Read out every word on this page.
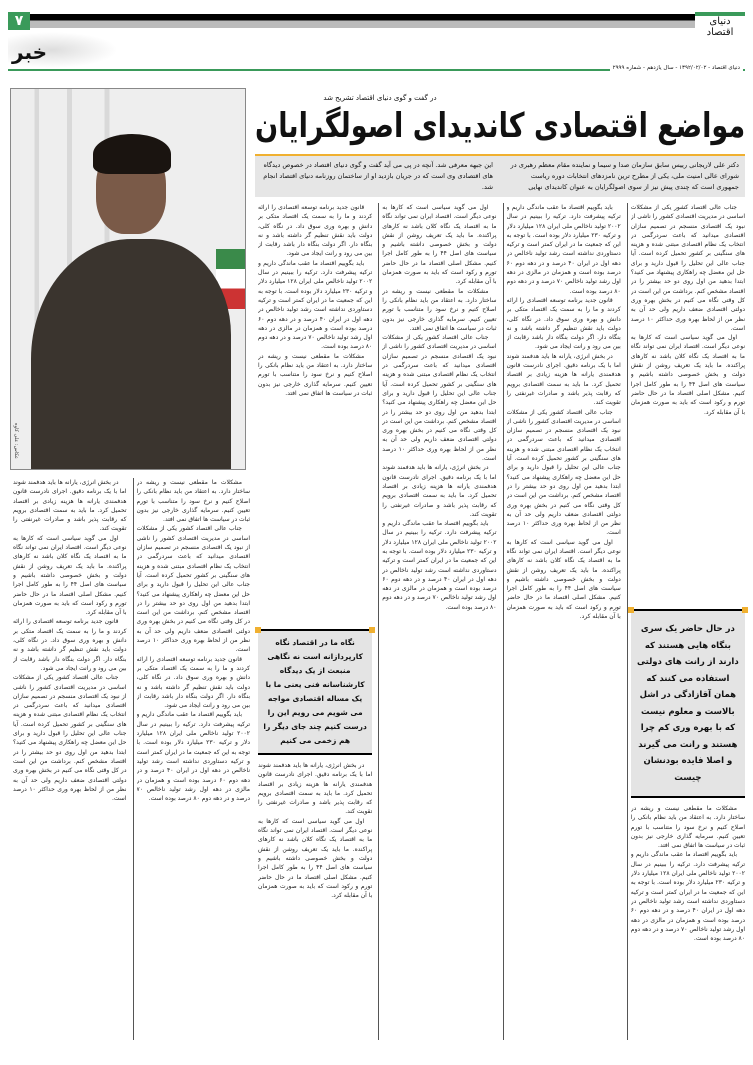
۷	دنیای اقتصاد
خبر
دنیای اقتصاد - ۱۳۹۲/۰۲/۰۲ - سال یازدهم - شماره ۲۹۹۹
عکاس: علی کاوه
در گفت و گوی دنیای اقتصاد تشریح شد
مواضع اقتصادی کاندیدای اصولگرایان
دکتر علی لاریجانی رییس سابق سازمان صدا و سیما و نماینده مقام معظم رهبری در شورای عالی امنیت ملی، یکی از مطرح ترین نامزدهای انتخابات دوره ریاست جمهوری است که چندی پیش نیز از سوی اصولگرایان به عنوان کاندیدای نهایی
این جبهه معرفی شد. آنچه در پی می آید گفت و گوی دنیای اقتصاد در خصوص دیدگاه های اقتصادی وی است که در جریان بازدید او از ساختمان روزنامه دنیای اقتصاد انجام شد.

جناب عالی اقتصاد کشور یکی از مشکلات اساسی در مدیریت اقتصادی کشور را ناشی از نبود یک اقتصادی منسجم در تصمیم سازان اقتصادی میدانید که باعث سردرگمی در انتخاب یک نظام اقتصادی مبتنی شده و هزینه های سنگینی بر کشور تحمیل کرده است. آیا جناب عالی این تحلیل را قبول دارید و برای حل این معضل چه راهکاری پیشنهاد می کنید؟ ابتدا بدهید من اول روی دو حد بیشتر را در اقتصاد مشخص کنم. برداشت من این است در کل وقتی نگاه می کنیم در بخش بهره وری دولتی اقتصادی ضعف داریم ولی حد آن به نظر من از لحاظ بهره وری حداکثر ۱۰ درصد است.

اول می گوید سیاسی است که کارها به نوعی دیگر است. اقتصاد ایران نمی تواند نگاه ما به اقتصاد یک نگاه کلان باشد نه کارهای پراکنده. ما باید یک تعریف روشن از نقش دولت و بخش خصوصی داشته باشیم و سیاست های اصل ۴۴ را به طور کامل اجرا کنیم. مشکل اصلی اقتصاد ما در حال حاضر تورم و رکود است که باید به صورت همزمان با آن مقابله کرد.

در حال حاضر یک سری بنگاه هایی هستند که دارند از رانت های دولتی استفاده می کنند که همان آقازادگی در اشل بالاست و معلوم نیست که با بهره وری کم چرا هستند و رانت می گیرند و اصلا فایده بودنشان چیست

مشکلات ما مقطعی نیست و ریشه در ساختار دارد. به اعتقاد من باید نظام بانکی را اصلاح کنیم و نرخ سود را متناسب با تورم تعیین کنیم. سرمایه گذاری خارجی نیز بدون ثبات در سیاست ها اتفاق نمی افتد.

باید بگوییم اقتصاد ما عقب ماندگی داریم و ترکیه پیشرفت دارد. ترکیه را ببینیم در سال ۲۰۰۲ تولید ناخالص ملی ایران ۱۲۸ میلیارد دلار و ترکیه ۲۳۰ میلیارد دلار بوده است. با توجه به این که جمعیت ما در ایران کمتر است و ترکیه دستاوردی نداشته است رشد تولید ناخالص در دهه اول در ایران ۴۰ درصد و در دهه دوم ۶۰ درصد بوده است و همزمان در مالزی در دهه اول رشد تولید ناخالص ۷۰ درصد و در دهه دوم ۸۰ درصد بوده است.

باید بگوییم اقتصاد ما عقب ماندگی داریم و ترکیه پیشرفت دارد. ترکیه را ببینیم در سال ۲۰۰۲ تولید ناخالص ملی ایران ۱۲۸ میلیارد دلار و ترکیه ۲۳۰ میلیارد دلار بوده است. با توجه به این که جمعیت ما در ایران کمتر است و ترکیه دستاوردی نداشته است رشد تولید ناخالص در دهه اول در ایران ۴۰ درصد و در دهه دوم ۶۰ درصد بوده است و همزمان در مالزی در دهه اول رشد تولید ناخالص ۷۰ درصد و در دهه دوم ۸۰ درصد بوده است.

قانون جدید برنامه توسعه اقتصادی را ارائه کردند و ما را به سمت یک اقتصاد متکی بر دانش و بهره وری سوق داد. در نگاه کلی، دولت باید نقش تنظیم گر داشته باشد و نه بنگاه دار. اگر دولت بنگاه دار باشد رقابت از بین می رود و رانت ایجاد می شود.

در بخش انرژی، یارانه ها باید هدفمند شوند اما با یک برنامه دقیق. اجرای نادرست قانون هدفمندی یارانه ها هزینه زیادی بر اقتصاد تحمیل کرد. ما باید به سمت اقتصادی برویم که رقابت پذیر باشد و صادرات غیرنفتی را تقویت کند.

جناب عالی اقتصاد کشور یکی از مشکلات اساسی در مدیریت اقتصادی کشور را ناشی از نبود یک اقتصادی منسجم در تصمیم سازان اقتصادی میدانید که باعث سردرگمی در انتخاب یک نظام اقتصادی مبتنی شده و هزینه های سنگینی بر کشور تحمیل کرده است. آیا جناب عالی این تحلیل را قبول دارید و برای حل این معضل چه راهکاری پیشنهاد می کنید؟ ابتدا بدهید من اول روی دو حد بیشتر را در اقتصاد مشخص کنم. برداشت من این است در کل وقتی نگاه می کنیم در بخش بهره وری دولتی اقتصادی ضعف داریم ولی حد آن به نظر من از لحاظ بهره وری حداکثر ۱۰ درصد است.

اول می گوید سیاسی است که کارها به نوعی دیگر است. اقتصاد ایران نمی تواند نگاه ما به اقتصاد یک نگاه کلان باشد نه کارهای پراکنده. ما باید یک تعریف روشن از نقش دولت و بخش خصوصی داشته باشیم و سیاست های اصل ۴۴ را به طور کامل اجرا کنیم. مشکل اصلی اقتصاد ما در حال حاضر تورم و رکود است که باید به صورت همزمان با آن مقابله کرد.

اول می گوید سیاسی است که کارها به نوعی دیگر است. اقتصاد ایران نمی تواند نگاه ما به اقتصاد یک نگاه کلان باشد نه کارهای پراکنده. ما باید یک تعریف روشن از نقش دولت و بخش خصوصی داشته باشیم و سیاست های اصل ۴۴ را به طور کامل اجرا کنیم. مشکل اصلی اقتصاد ما در حال حاضر تورم و رکود است که باید به صورت همزمان با آن مقابله کرد.

مشکلات ما مقطعی نیست و ریشه در ساختار دارد. به اعتقاد من باید نظام بانکی را اصلاح کنیم و نرخ سود را متناسب با تورم تعیین کنیم. سرمایه گذاری خارجی نیز بدون ثبات در سیاست ها اتفاق نمی افتد.

جناب عالی اقتصاد کشور یکی از مشکلات اساسی در مدیریت اقتصادی کشور را ناشی از نبود یک اقتصادی منسجم در تصمیم سازان اقتصادی میدانید که باعث سردرگمی در انتخاب یک نظام اقتصادی مبتنی شده و هزینه های سنگینی بر کشور تحمیل کرده است. آیا جناب عالی این تحلیل را قبول دارید و برای حل این معضل چه راهکاری پیشنهاد می کنید؟ ابتدا بدهید من اول روی دو حد بیشتر را در اقتصاد مشخص کنم. برداشت من این است در کل وقتی نگاه می کنیم در بخش بهره وری دولتی اقتصادی ضعف داریم ولی حد آن به نظر من از لحاظ بهره وری حداکثر ۱۰ درصد است.

در بخش انرژی، یارانه ها باید هدفمند شوند اما با یک برنامه دقیق. اجرای نادرست قانون هدفمندی یارانه ها هزینه زیادی بر اقتصاد تحمیل کرد. ما باید به سمت اقتصادی برویم که رقابت پذیر باشد و صادرات غیرنفتی را تقویت کند.

باید بگوییم اقتصاد ما عقب ماندگی داریم و ترکیه پیشرفت دارد. ترکیه را ببینیم در سال ۲۰۰۲ تولید ناخالص ملی ایران ۱۲۸ میلیارد دلار و ترکیه ۲۳۰ میلیارد دلار بوده است. با توجه به این که جمعیت ما در ایران کمتر است و ترکیه دستاوردی نداشته است رشد تولید ناخالص در دهه اول در ایران ۴۰ درصد و در دهه دوم ۶۰ درصد بوده است و همزمان در مالزی در دهه اول رشد تولید ناخالص ۷۰ درصد و در دهه دوم ۸۰ درصد بوده است.

قانون جدید برنامه توسعه اقتصادی را ارائه کردند و ما را به سمت یک اقتصاد متکی بر دانش و بهره وری سوق داد. در نگاه کلی، دولت باید نقش تنظیم گر داشته باشد و نه بنگاه دار. اگر دولت بنگاه دار باشد رقابت از بین می رود و رانت ایجاد می شود.

باید بگوییم اقتصاد ما عقب ماندگی داریم و ترکیه پیشرفت دارد. ترکیه را ببینیم در سال ۲۰۰۲ تولید ناخالص ملی ایران ۱۲۸ میلیارد دلار و ترکیه ۲۳۰ میلیارد دلار بوده است. با توجه به این که جمعیت ما در ایران کمتر است و ترکیه دستاوردی نداشته است رشد تولید ناخالص در دهه اول در ایران ۴۰ درصد و در دهه دوم ۶۰ درصد بوده است و همزمان در مالزی در دهه اول رشد تولید ناخالص ۷۰ درصد و در دهه دوم ۸۰ درصد بوده است.

مشکلات ما مقطعی نیست و ریشه در ساختار دارد. به اعتقاد من باید نظام بانکی را اصلاح کنیم و نرخ سود را متناسب با تورم تعیین کنیم. سرمایه گذاری خارجی نیز بدون ثبات در سیاست ها اتفاق نمی افتد.

نگاه ما در اقتصاد نگاه کارپردازانه است نه نگاهی منبعث از یک دیدگاه کارشناسانه فنی یعنی ما با یک مساله اقتصادی مواجه می شویم می رویم این را درست کنیم چند جای دیگر را هم زخمی می کنیم

در بخش انرژی، یارانه ها باید هدفمند شوند اما با یک برنامه دقیق. اجرای نادرست قانون هدفمندی یارانه ها هزینه زیادی بر اقتصاد تحمیل کرد. ما باید به سمت اقتصادی برویم که رقابت پذیر باشد و صادرات غیرنفتی را تقویت کند.

اول می گوید سیاسی است که کارها به نوعی دیگر است. اقتصاد ایران نمی تواند نگاه ما به اقتصاد یک نگاه کلان باشد نه کارهای پراکنده. ما باید یک تعریف روشن از نقش دولت و بخش خصوصی داشته باشیم و سیاست های اصل ۴۴ را به طور کامل اجرا کنیم. مشکل اصلی اقتصاد ما در حال حاضر تورم و رکود است که باید به صورت همزمان با آن مقابله کرد.

مشکلات ما مقطعی نیست و ریشه در ساختار دارد. به اعتقاد من باید نظام بانکی را اصلاح کنیم و نرخ سود را متناسب با تورم تعیین کنیم. سرمایه گذاری خارجی نیز بدون ثبات در سیاست ها اتفاق نمی افتد.

جناب عالی اقتصاد کشور یکی از مشکلات اساسی در مدیریت اقتصادی کشور را ناشی از نبود یک اقتصادی منسجم در تصمیم سازان اقتصادی میدانید که باعث سردرگمی در انتخاب یک نظام اقتصادی مبتنی شده و هزینه های سنگینی بر کشور تحمیل کرده است. آیا جناب عالی این تحلیل را قبول دارید و برای حل این معضل چه راهکاری پیشنهاد می کنید؟ ابتدا بدهید من اول روی دو حد بیشتر را در اقتصاد مشخص کنم. برداشت من این است در کل وقتی نگاه می کنیم در بخش بهره وری دولتی اقتصادی ضعف داریم ولی حد آن به نظر من از لحاظ بهره وری حداکثر ۱۰ درصد است.

قانون جدید برنامه توسعه اقتصادی را ارائه کردند و ما را به سمت یک اقتصاد متکی بر دانش و بهره وری سوق داد. در نگاه کلی، دولت باید نقش تنظیم گر داشته باشد و نه بنگاه دار. اگر دولت بنگاه دار باشد رقابت از بین می رود و رانت ایجاد می شود.

باید بگوییم اقتصاد ما عقب ماندگی داریم و ترکیه پیشرفت دارد. ترکیه را ببینیم در سال ۲۰۰۲ تولید ناخالص ملی ایران ۱۲۸ میلیارد دلار و ترکیه ۲۳۰ میلیارد دلار بوده است. با توجه به این که جمعیت ما در ایران کمتر است و ترکیه دستاوردی نداشته است رشد تولید ناخالص در دهه اول در ایران ۴۰ درصد و در دهه دوم ۶۰ درصد بوده است و همزمان در مالزی در دهه اول رشد تولید ناخالص ۷۰ درصد و در دهه دوم ۸۰ درصد بوده است.

در بخش انرژی، یارانه ها باید هدفمند شوند اما با یک برنامه دقیق. اجرای نادرست قانون هدفمندی یارانه ها هزینه زیادی بر اقتصاد تحمیل کرد. ما باید به سمت اقتصادی برویم که رقابت پذیر باشد و صادرات غیرنفتی را تقویت کند.

اول می گوید سیاسی است که کارها به نوعی دیگر است. اقتصاد ایران نمی تواند نگاه ما به اقتصاد یک نگاه کلان باشد نه کارهای پراکنده. ما باید یک تعریف روشن از نقش دولت و بخش خصوصی داشته باشیم و سیاست های اصل ۴۴ را به طور کامل اجرا کنیم. مشکل اصلی اقتصاد ما در حال حاضر تورم و رکود است که باید به صورت همزمان با آن مقابله کرد.

قانون جدید برنامه توسعه اقتصادی را ارائه کردند و ما را به سمت یک اقتصاد متکی بر دانش و بهره وری سوق داد. در نگاه کلی، دولت باید نقش تنظیم گر داشته باشد و نه بنگاه دار. اگر دولت بنگاه دار باشد رقابت از بین می رود و رانت ایجاد می شود.

جناب عالی اقتصاد کشور یکی از مشکلات اساسی در مدیریت اقتصادی کشور را ناشی از نبود یک اقتصادی منسجم در تصمیم سازان اقتصادی میدانید که باعث سردرگمی در انتخاب یک نظام اقتصادی مبتنی شده و هزینه های سنگینی بر کشور تحمیل کرده است. آیا جناب عالی این تحلیل را قبول دارید و برای حل این معضل چه راهکاری پیشنهاد می کنید؟ ابتدا بدهید من اول روی دو حد بیشتر را در اقتصاد مشخص کنم. برداشت من این است در کل وقتی نگاه می کنیم در بخش بهره وری دولتی اقتصادی ضعف داریم ولی حد آن به نظر من از لحاظ بهره وری حداکثر ۱۰ درصد است.
